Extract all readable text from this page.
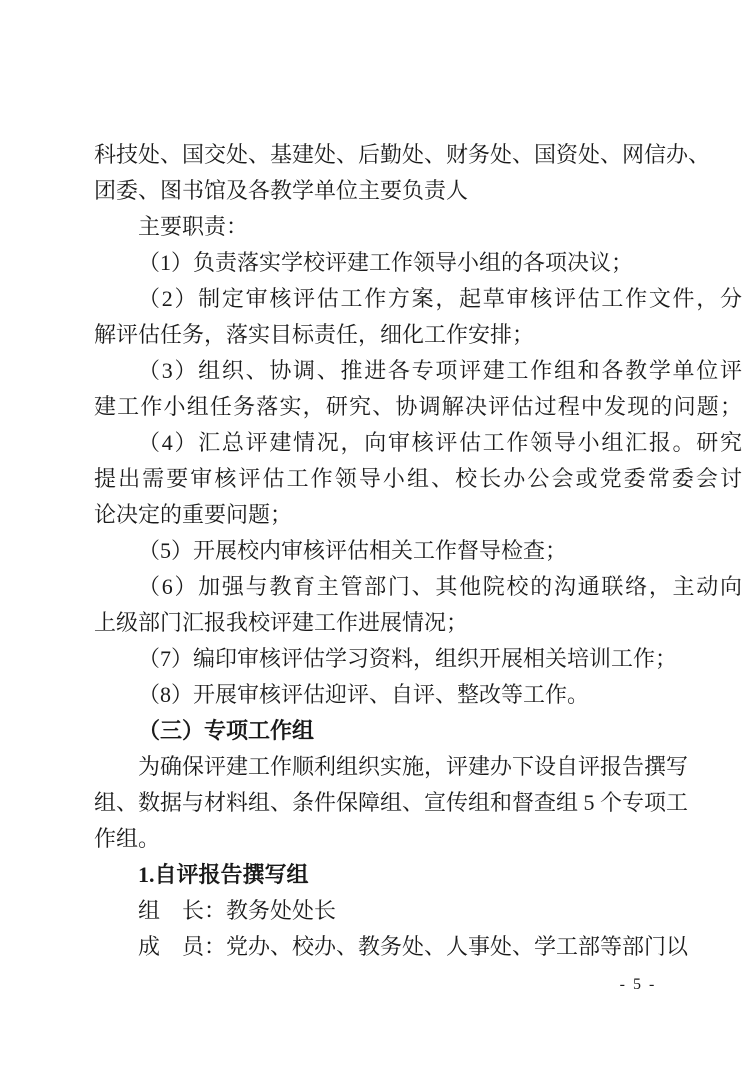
科技处、国交处、基建处、后勤处、财务处、国资处、网信办、
团委、图书馆及各教学单位主要负责人
主要职责：
（1）负责落实学校评建工作领导小组的各项决议；
（2）制定审核评估工作方案，起草审核评估工作文件，分
解评估任务，落实目标责任，细化工作安排；
（3）组织、协调、推进各专项评建工作组和各教学单位评
建工作小组任务落实，研究、协调解决评估过程中发现的问题；
（4）汇总评建情况，向审核评估工作领导小组汇报。研究
提出需要审核评估工作领导小组、校长办公会或党委常委会讨
论决定的重要问题；
（5）开展校内审核评估相关工作督导检查；
（6）加强与教育主管部门、其他院校的沟通联络，主动向
上级部门汇报我校评建工作进展情况；
（7）编印审核评估学习资料，组织开展相关培训工作；
（8）开展审核评估迎评、自评、整改等工作。
（三）专项工作组
为确保评建工作顺利组织实施，评建办下设自评报告撰写
组、数据与材料组、条件保障组、宣传组和督查组 5 个专项工
作组。
1.自评报告撰写组
组　长：教务处处长
成　员：党办、校办、教务处、人事处、学工部等部门以
- 5 -
